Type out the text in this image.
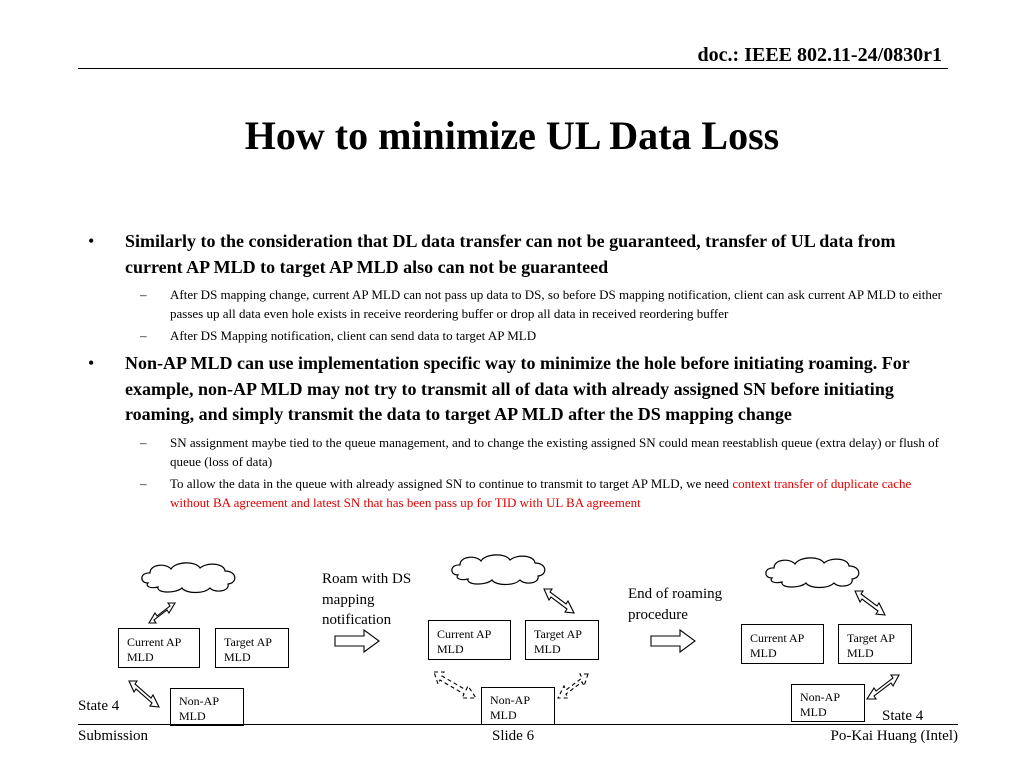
doc.: IEEE 802.11-24/0830r1
How to minimize UL Data Loss
• Similarly to the consideration that DL data transfer can not be guaranteed, transfer of UL data from current AP MLD to target AP MLD also can not be guaranteed
– After DS mapping change, current AP MLD can not pass up data to DS, so before DS mapping notification, client can ask current AP MLD to either passes up all data even hole exists in receive reordering buffer or drop all data in received reordering buffer
– After DS Mapping notification, client can send data to target AP MLD
• Non-AP MLD can use implementation specific way to minimize the hole before initiating roaming. For example, non-AP MLD may not try to transmit all of data with already assigned SN before initiating roaming, and simply transmit the data to target AP MLD after the DS mapping change
– SN assignment maybe tied to the queue management, and to change the existing assigned SN could mean reestablish queue (extra delay) or flush of queue (loss of data)
– To allow the data in the queue with already assigned SN to continue to transmit to target AP MLD, we need context transfer of duplicate cache without BA agreement and latest SN that has been pass up for TID with UL BA agreement
Current AP MLD
Target AP MLD
Non-AP MLD
State 4
Roam with DS mapping notification
Current AP MLD
Target AP MLD
Non-AP MLD
End of roaming procedure
Current AP MLD
Target AP MLD
Non-AP MLD	State 4
Submission	Slide 6	Po-Kai Huang (Intel)
